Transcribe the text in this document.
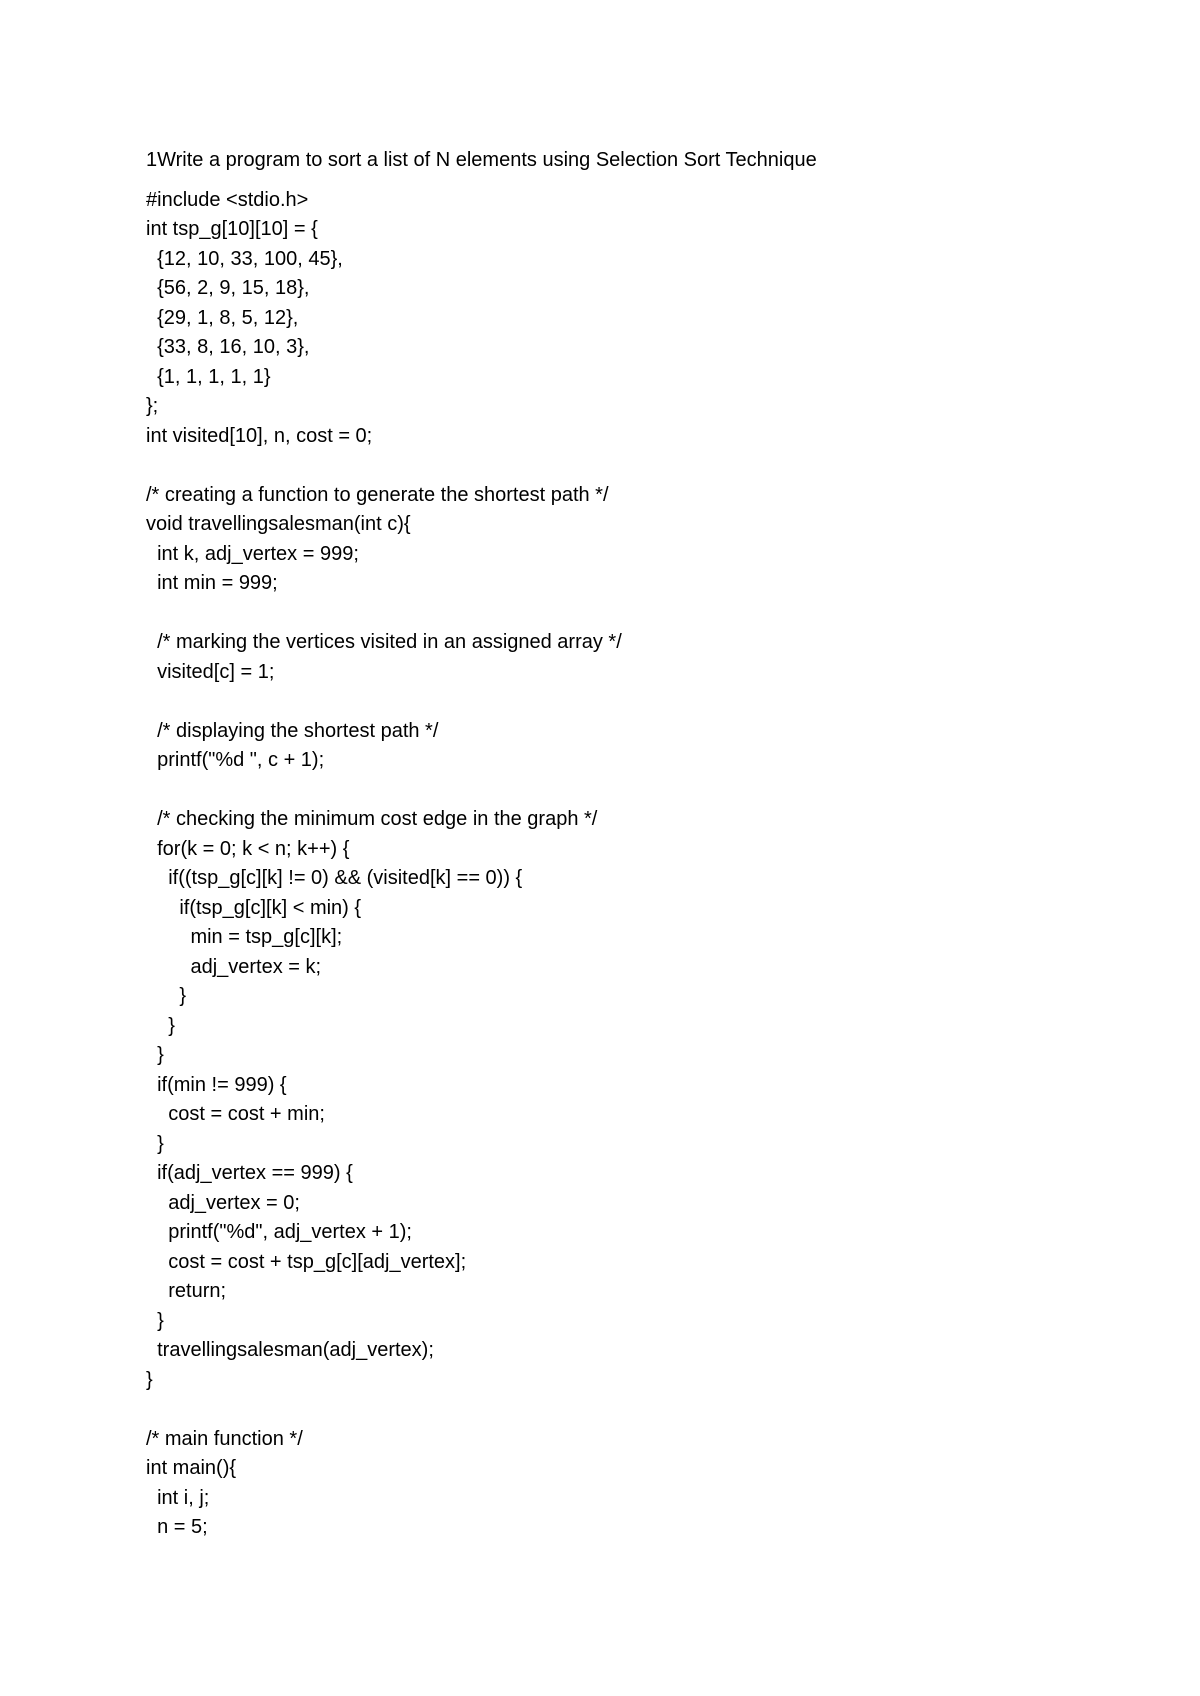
1Write a program to sort a list of N elements using Selection Sort Technique
#include <stdio.h>
int tsp_g[10][10] = {
{12, 10, 33, 100, 45},
{56, 2, 9, 15, 18},
{29, 1, 8, 5, 12},
{33, 8, 16, 10, 3},
{1, 1, 1, 1, 1}
};
int visited[10], n, cost = 0;
/* creating a function to generate the shortest path */
void travellingsalesman(int c){
int k, adj_vertex = 999;
int min = 999;
/* marking the vertices visited in an assigned array */
visited[c] = 1;
/* displaying the shortest path */
printf("%d ", c + 1);
/* checking the minimum cost edge in the graph */
for(k = 0; k < n; k++) {
if((tsp_g[c][k] != 0) && (visited[k] == 0)) {
if(tsp_g[c][k] < min) {
min = tsp_g[c][k];
adj_vertex = k;
}
}
}
if(min != 999) {
cost = cost + min;
}
if(adj_vertex == 999) {
adj_vertex = 0;
printf("%d", adj_vertex + 1);
cost = cost + tsp_g[c][adj_vertex];
return;
}
travellingsalesman(adj_vertex);
}
/* main function */
int main(){
int i, j;
n = 5;
